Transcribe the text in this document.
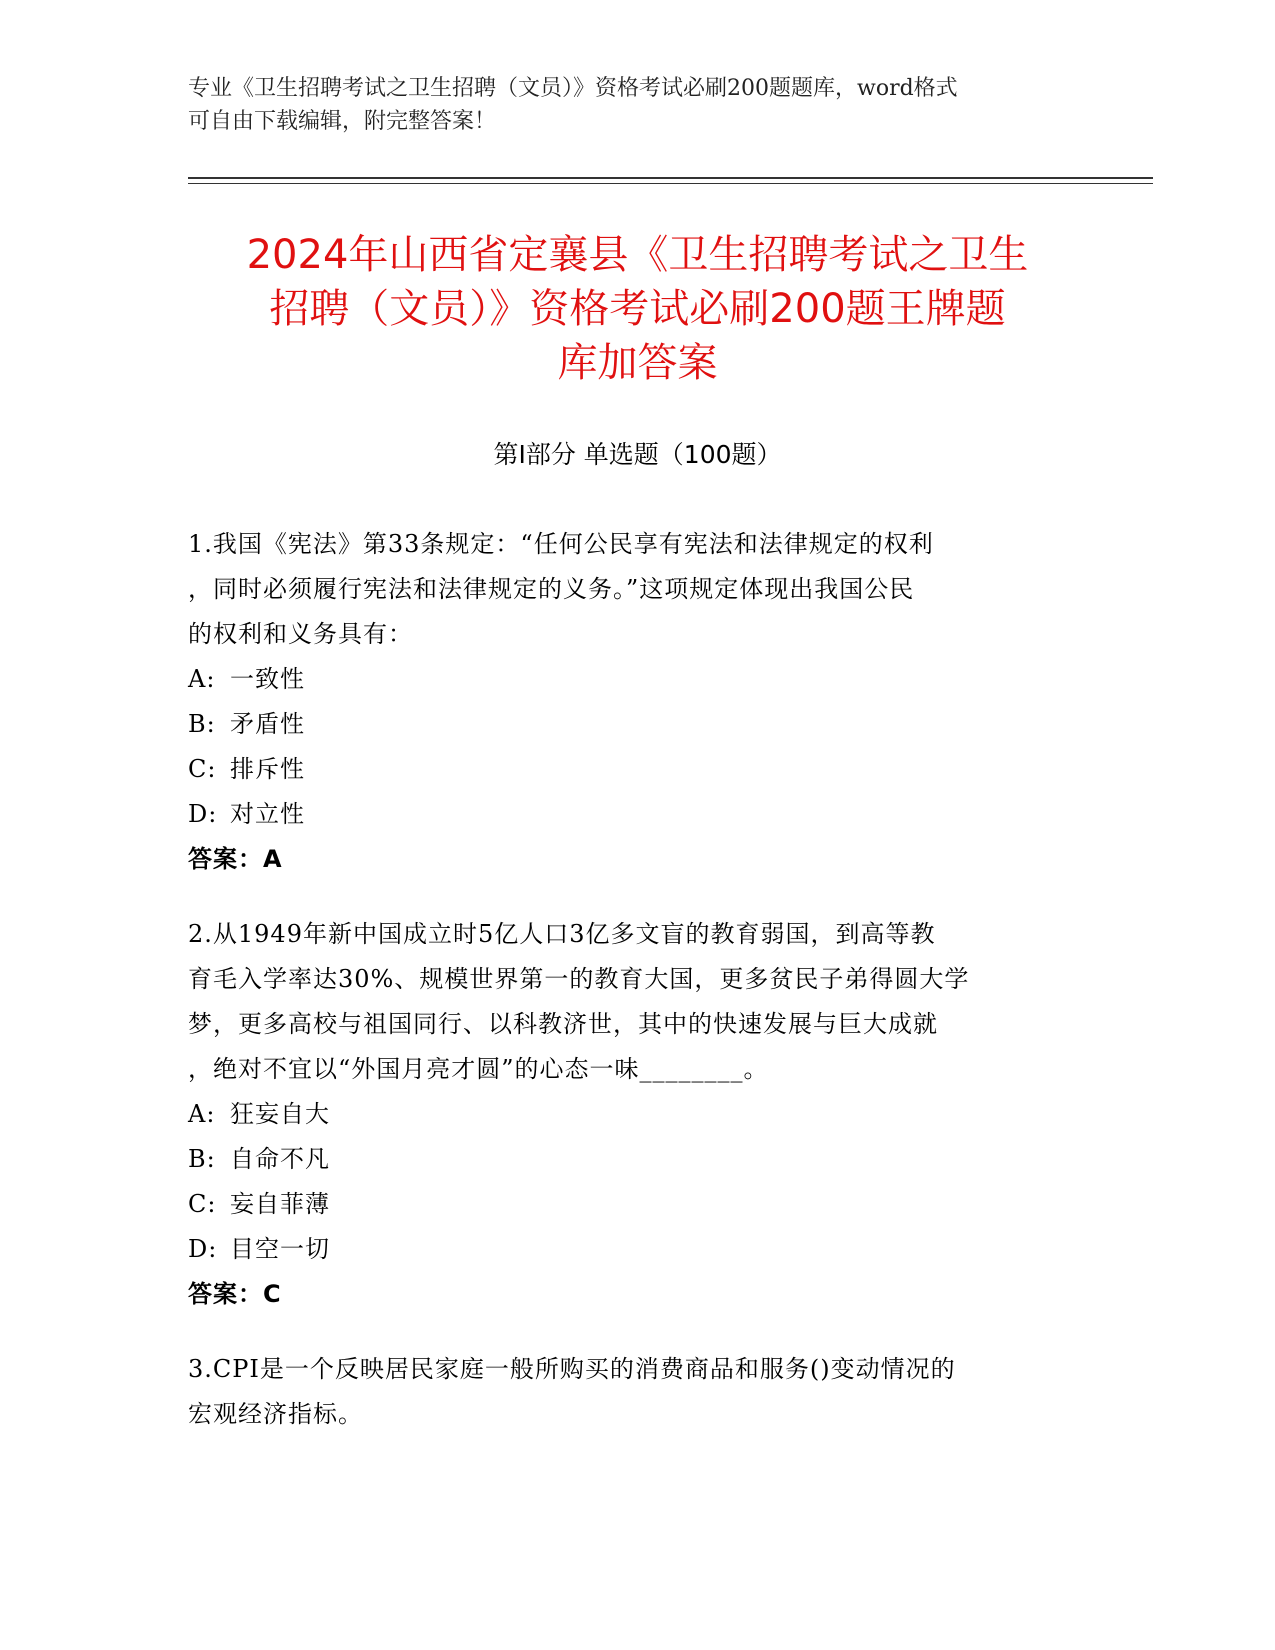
专业《卫生招聘考试之卫生招聘（文员）》资格考试必刷200题题库，word格式
可自由下载编辑，附完整答案！
2024年山西省定襄县《卫生招聘考试之卫生
招聘（文员）》资格考试必刷200题王牌题
库加答案
第Ⅰ部分 单选题（100题）

1.我国《宪法》第33条规定：“任何公民享有宪法和法律规定的权利

，同时必须履行宪法和法律规定的义务。”这项规定体现出我国公民

的权利和义务具有：

A: 一致性

B: 矛盾性

C: 排斥性

D: 对立性

答案：A

2.从1949年新中国成立时5亿人口3亿多文盲的教育弱国，到高等教

育毛入学率达30%、规模世界第一的教育大国，更多贫民子弟得圆大学

梦，更多高校与祖国同行、以科教济世，其中的快速发展与巨大成就

，绝对不宜以“外国月亮才圆”的心态一味________。

A: 狂妄自大

B: 自命不凡

C: 妄自菲薄

D: 目空一切

答案：C

3.CPI是一个反映居民家庭一般所购买的消费商品和服务()变动情况的

宏观经济指标。
